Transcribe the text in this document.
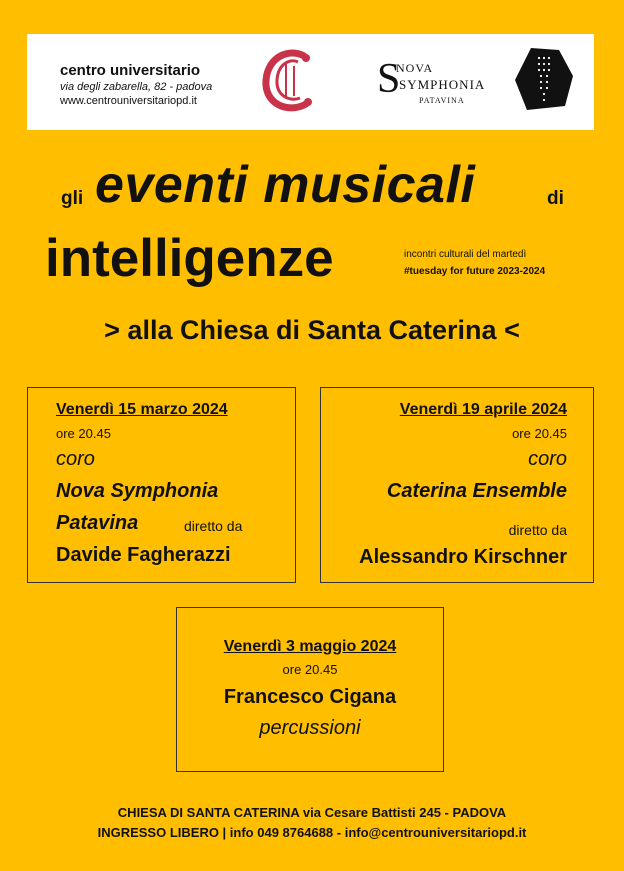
centro universitario
via degli zabarella, 82 - padova
www.centrouniversitariopd.it	S
NOVA
SYMPHONIA
PATAVINA
gli eventi musicali	di
intelligenze	incontri culturali del martedì
#tuesday for future 2023-2024
> alla Chiesa di Santa Caterina <
Venerdì 15 marzo 2024
ore 20.45
coro
Nova Symphonia
Patavina	diretto da
Davide Fagherazzi
Venerdì 19 aprile 2024
ore 20.45
coro
Caterina Ensemble
diretto da
Alessandro Kirschner
Venerdì 3 maggio 2024
ore 20.45
Francesco Cigana
percussioni
CHIESA DI SANTA CATERINA via Cesare Battisti 245 - PADOVA
INGRESSO LIBERO | info 049 8764688 - info@centrouniversitariopd.it
